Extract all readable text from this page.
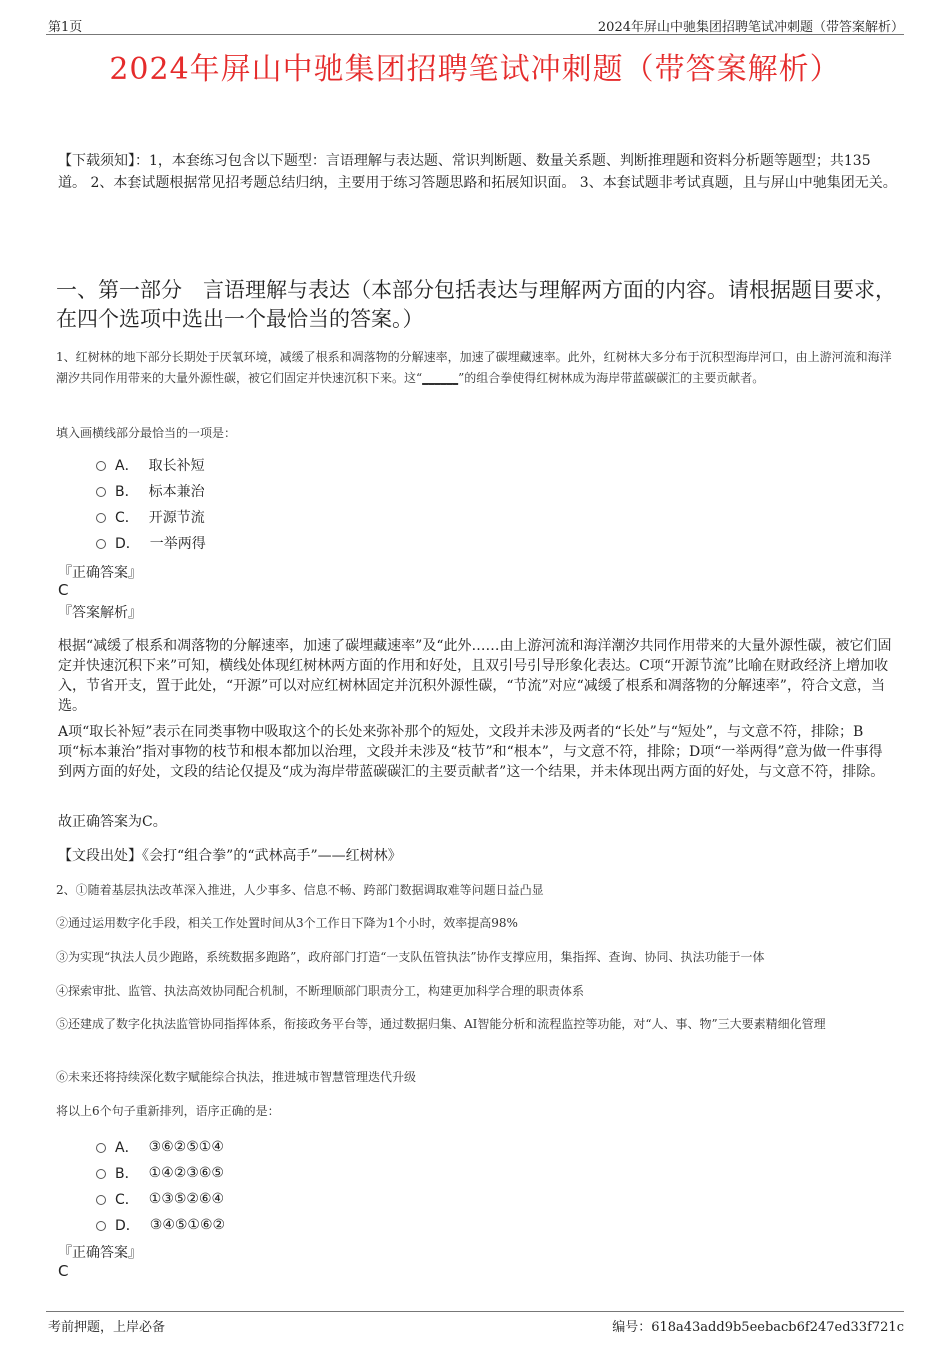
第1页	2024年屏山中驰集团招聘笔试冲刺题（带答案解析）
2024年屏山中驰集团招聘笔试冲刺题（带答案解析）
【下载须知】：1，本套练习包含以下题型：言语理解与表达题、常识判断题、数量关系题、判断推理题和资料分析题等题型；共135道。 2、本套试题根据常见招考题总结归纳，主要用于练习答题思路和拓展知识面。 3、本套试题非考试真题，且与屏山中驰集团无关。
一、第一部分　言语理解与表达（本部分包括表达与理解两方面的内容。请根据题目要求，在四个选项中选出一个最恰当的答案。）
1、红树林的地下部分长期处于厌氧环境，减缓了根系和凋落物的分解速率，加速了碳埋藏速率。此外，红树林大多分布于沉积型海岸河口，由上游河流和海洋潮汐共同作用带来的大量外源性碳，被它们固定并快速沉积下来。这“______”的组合拳使得红树林成为海岸带蓝碳碳汇的主要贡献者。
填入画横线部分最恰当的一项是：
A． 取长补短
B． 标本兼治
C． 开源节流
D． 一举两得
『正确答案』
C
『答案解析』
根据“减缓了根系和凋落物的分解速率，加速了碳埋藏速率”及“此外……由上游河流和海洋潮汐共同作用带来的大量外源性碳，被它们固定并快速沉积下来”可知，横线处体现红树林两方面的作用和好处，且双引号引导形象化表达。C项“开源节流”比喻在财政经济上增加收入，节省开支，置于此处，“开源”可以对应红树林固定并沉积外源性碳，“节流”对应“减缓了根系和凋落物的分解速率”，符合文意，当选。
A项“取长补短”表示在同类事物中吸取这个的长处来弥补那个的短处，文段并未涉及两者的“长处”与“短处”，与文意不符，排除；B项“标本兼治”指对事物的枝节和根本都加以治理，文段并未涉及“枝节”和“根本”，与文意不符，排除；D项“一举两得”意为做一件事得到两方面的好处，文段的结论仅提及“成为海岸带蓝碳碳汇的主要贡献者”这一个结果，并未体现出两方面的好处，与文意不符，排除。
故正确答案为C。
【文段出处】《会打“组合拳”的“武林高手”——红树林》
2、①随着基层执法改革深入推进，人少事多、信息不畅、跨部门数据调取难等问题日益凸显
②通过运用数字化手段，相关工作处置时间从3个工作日下降为1个小时，效率提高98%
③为实现“执法人员少跑路，系统数据多跑路”，政府部门打造“一支队伍管执法”协作支撑应用，集指挥、查询、协同、执法功能于一体
④探索审批、监管、执法高效协同配合机制，不断理顺部门职责分工，构建更加科学合理的职责体系
⑤还建成了数字化执法监管协同指挥体系，衔接政务平台等，通过数据归集、AI智能分析和流程监控等功能，对“人、事、物”三大要素精细化管理
⑥未来还将持续深化数字赋能综合执法，推进城市智慧管理迭代升级
将以上6个句子重新排列，语序正确的是：
A． ③⑥②⑤①④
B． ①④②③⑥⑤
C． ①③⑤②⑥④
D． ③④⑤①⑥②
『正确答案』
C
考前押题，上岸必备	编号：618a43add9b5eebacb6f247ed33f721c
